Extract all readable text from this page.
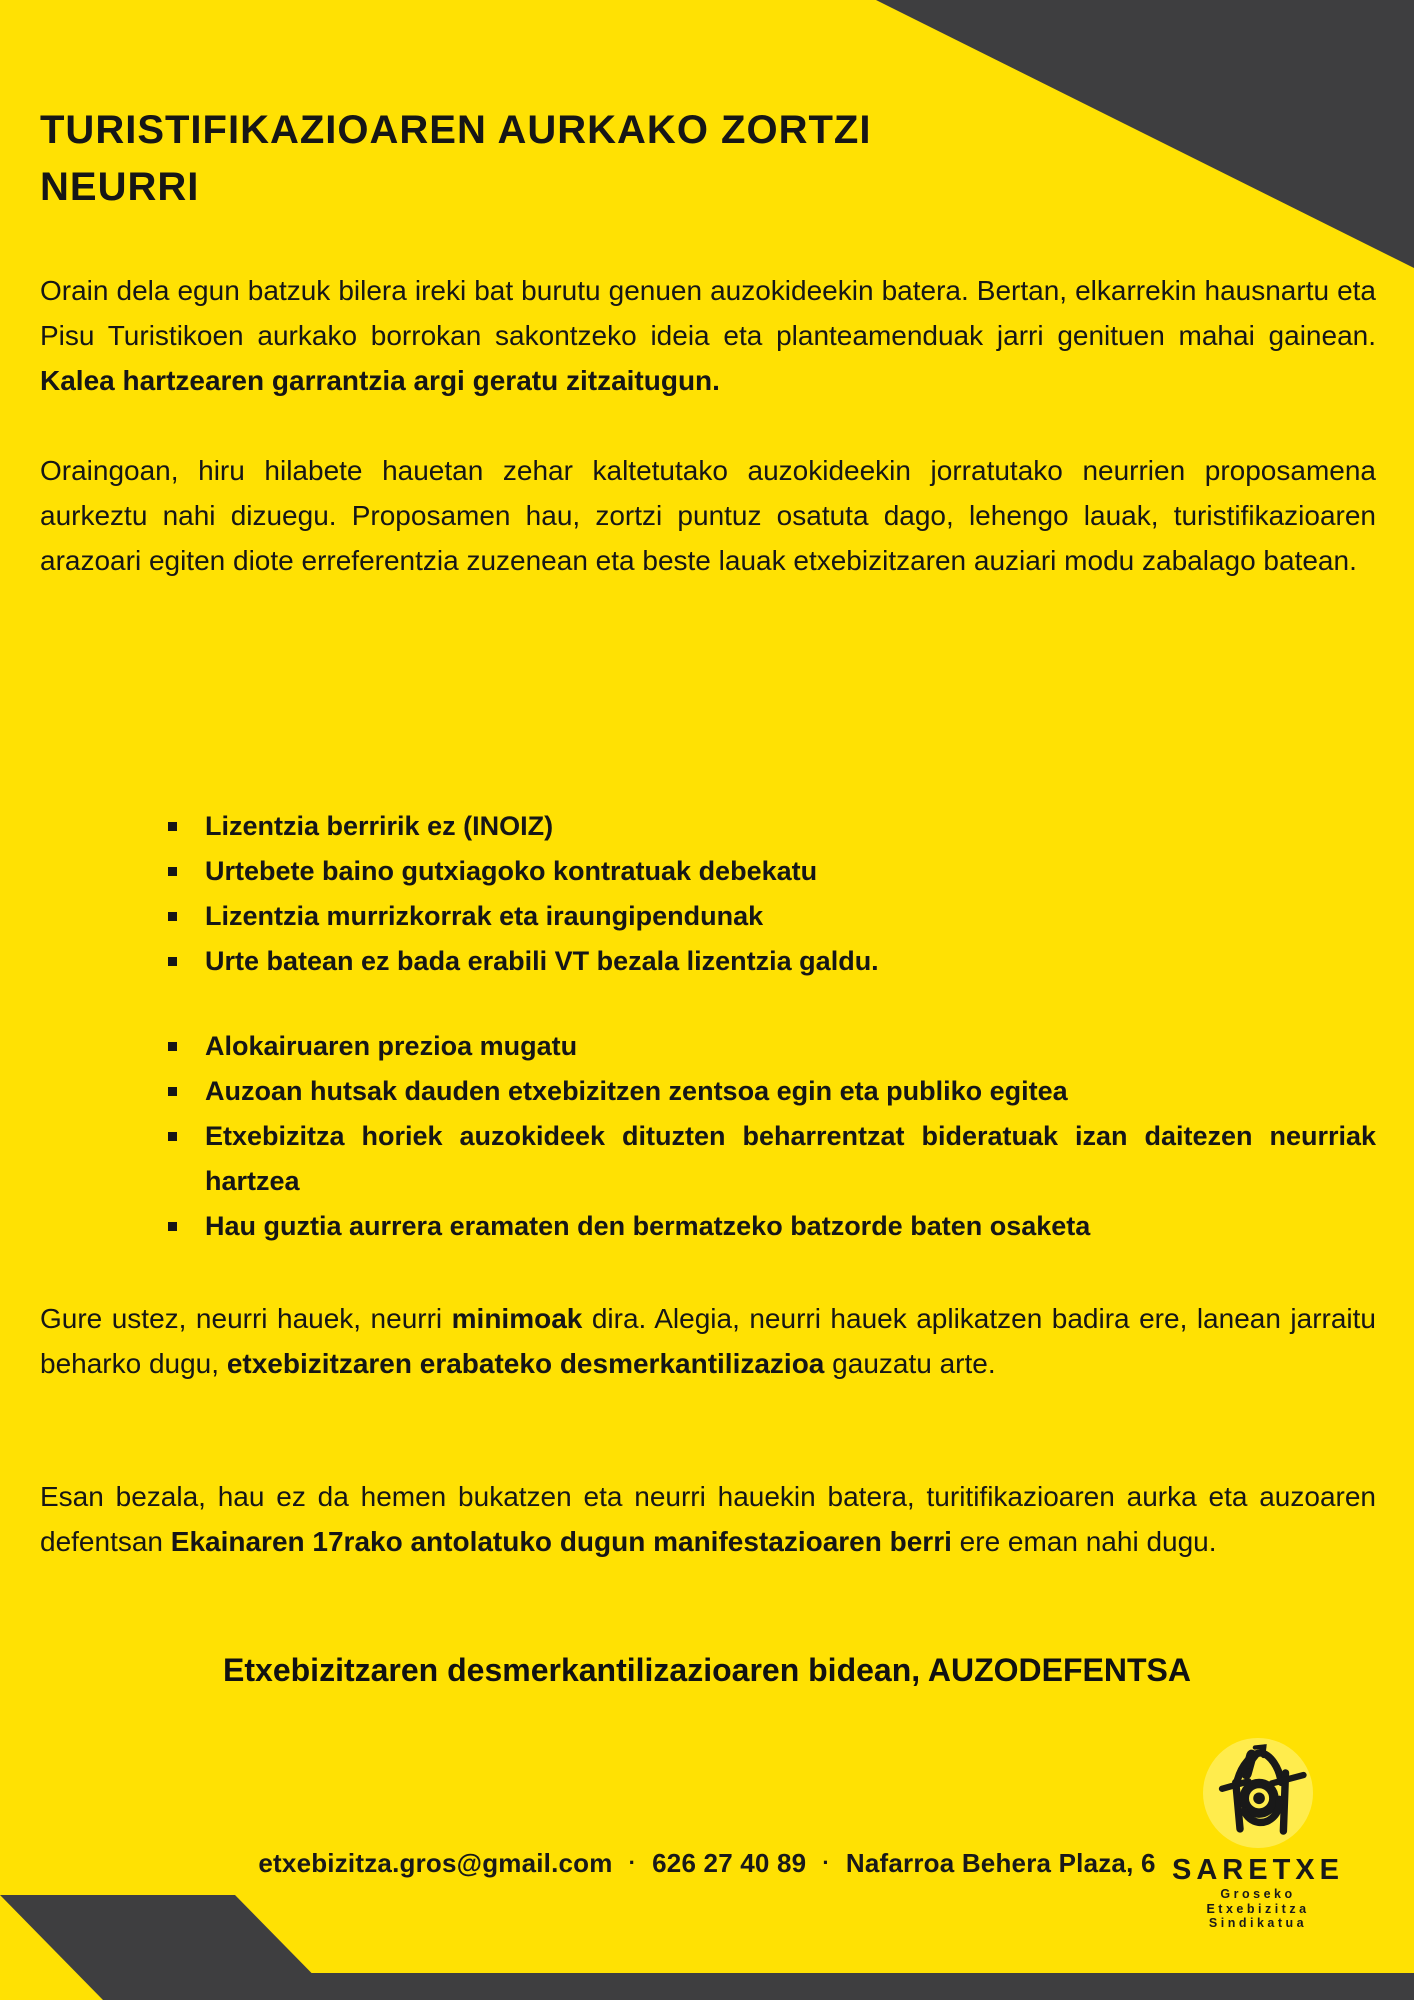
TURISTIFIKAZIOAREN AURKAKO ZORTZI NEURRI

Orain dela egun batzuk bilera ireki bat burutu genuen auzokideekin batera. Bertan, elkarrekin hausnartu eta Pisu Turistikoen aurkako borrokan sakontzeko ideia eta planteamenduak jarri genituen mahai gainean. Kalea hartzearen garrantzia argi geratu zitzaitugun.

Oraingoan, hiru hilabete hauetan zehar kaltetutako auzokideekin jorratutako neurrien proposamena aurkeztu nahi dizuegu. Proposamen hau, zortzi puntuz osatuta dago, lehengo lauak, turistifikazioaren arazoari egiten diote erreferentzia zuzenean eta beste lauak etxebizitzaren auziari modu zabalago batean.

Lizentzia berririk ez (INOIZ)
Urtebete baino gutxiagoko kontratuak debekatu
Lizentzia murrizkorrak eta iraungipendunak
Urte batean ez bada erabili VT bezala lizentzia galdu.
Alokairuaren prezioa mugatu
Auzoan hutsak dauden etxebizitzen zentsoa egin eta publiko egitea
Etxebizitza horiek auzokideek dituzten beharrentzat bideratuak izan daitezen neurriak hartzea
Hau guztia aurrera eramaten den bermatzeko batzorde baten osaketa

Gure ustez, neurri hauek, neurri minimoak dira. Alegia, neurri hauek aplikatzen badira ere, lanean jarraitu beharko dugu, etxebizitzaren erabateko desmerkantilizazioa gauzatu arte.

Esan bezala, hau ez da hemen bukatzen eta neurri hauekin batera, turitifikazioaren aurka eta auzoaren defentsan Ekainaren 17rako antolatuko dugun manifestazioaren berri ere eman nahi dugu.

Etxebizitzaren desmerkantilizazioaren bidean, AUZODEFENTSA
etxebizitza.gros@gmail.com · 626 27 40 89 · Nafarroa Behera Plaza, 6 SARETXE
Groseko
Etxebizitza
Sindikatua
